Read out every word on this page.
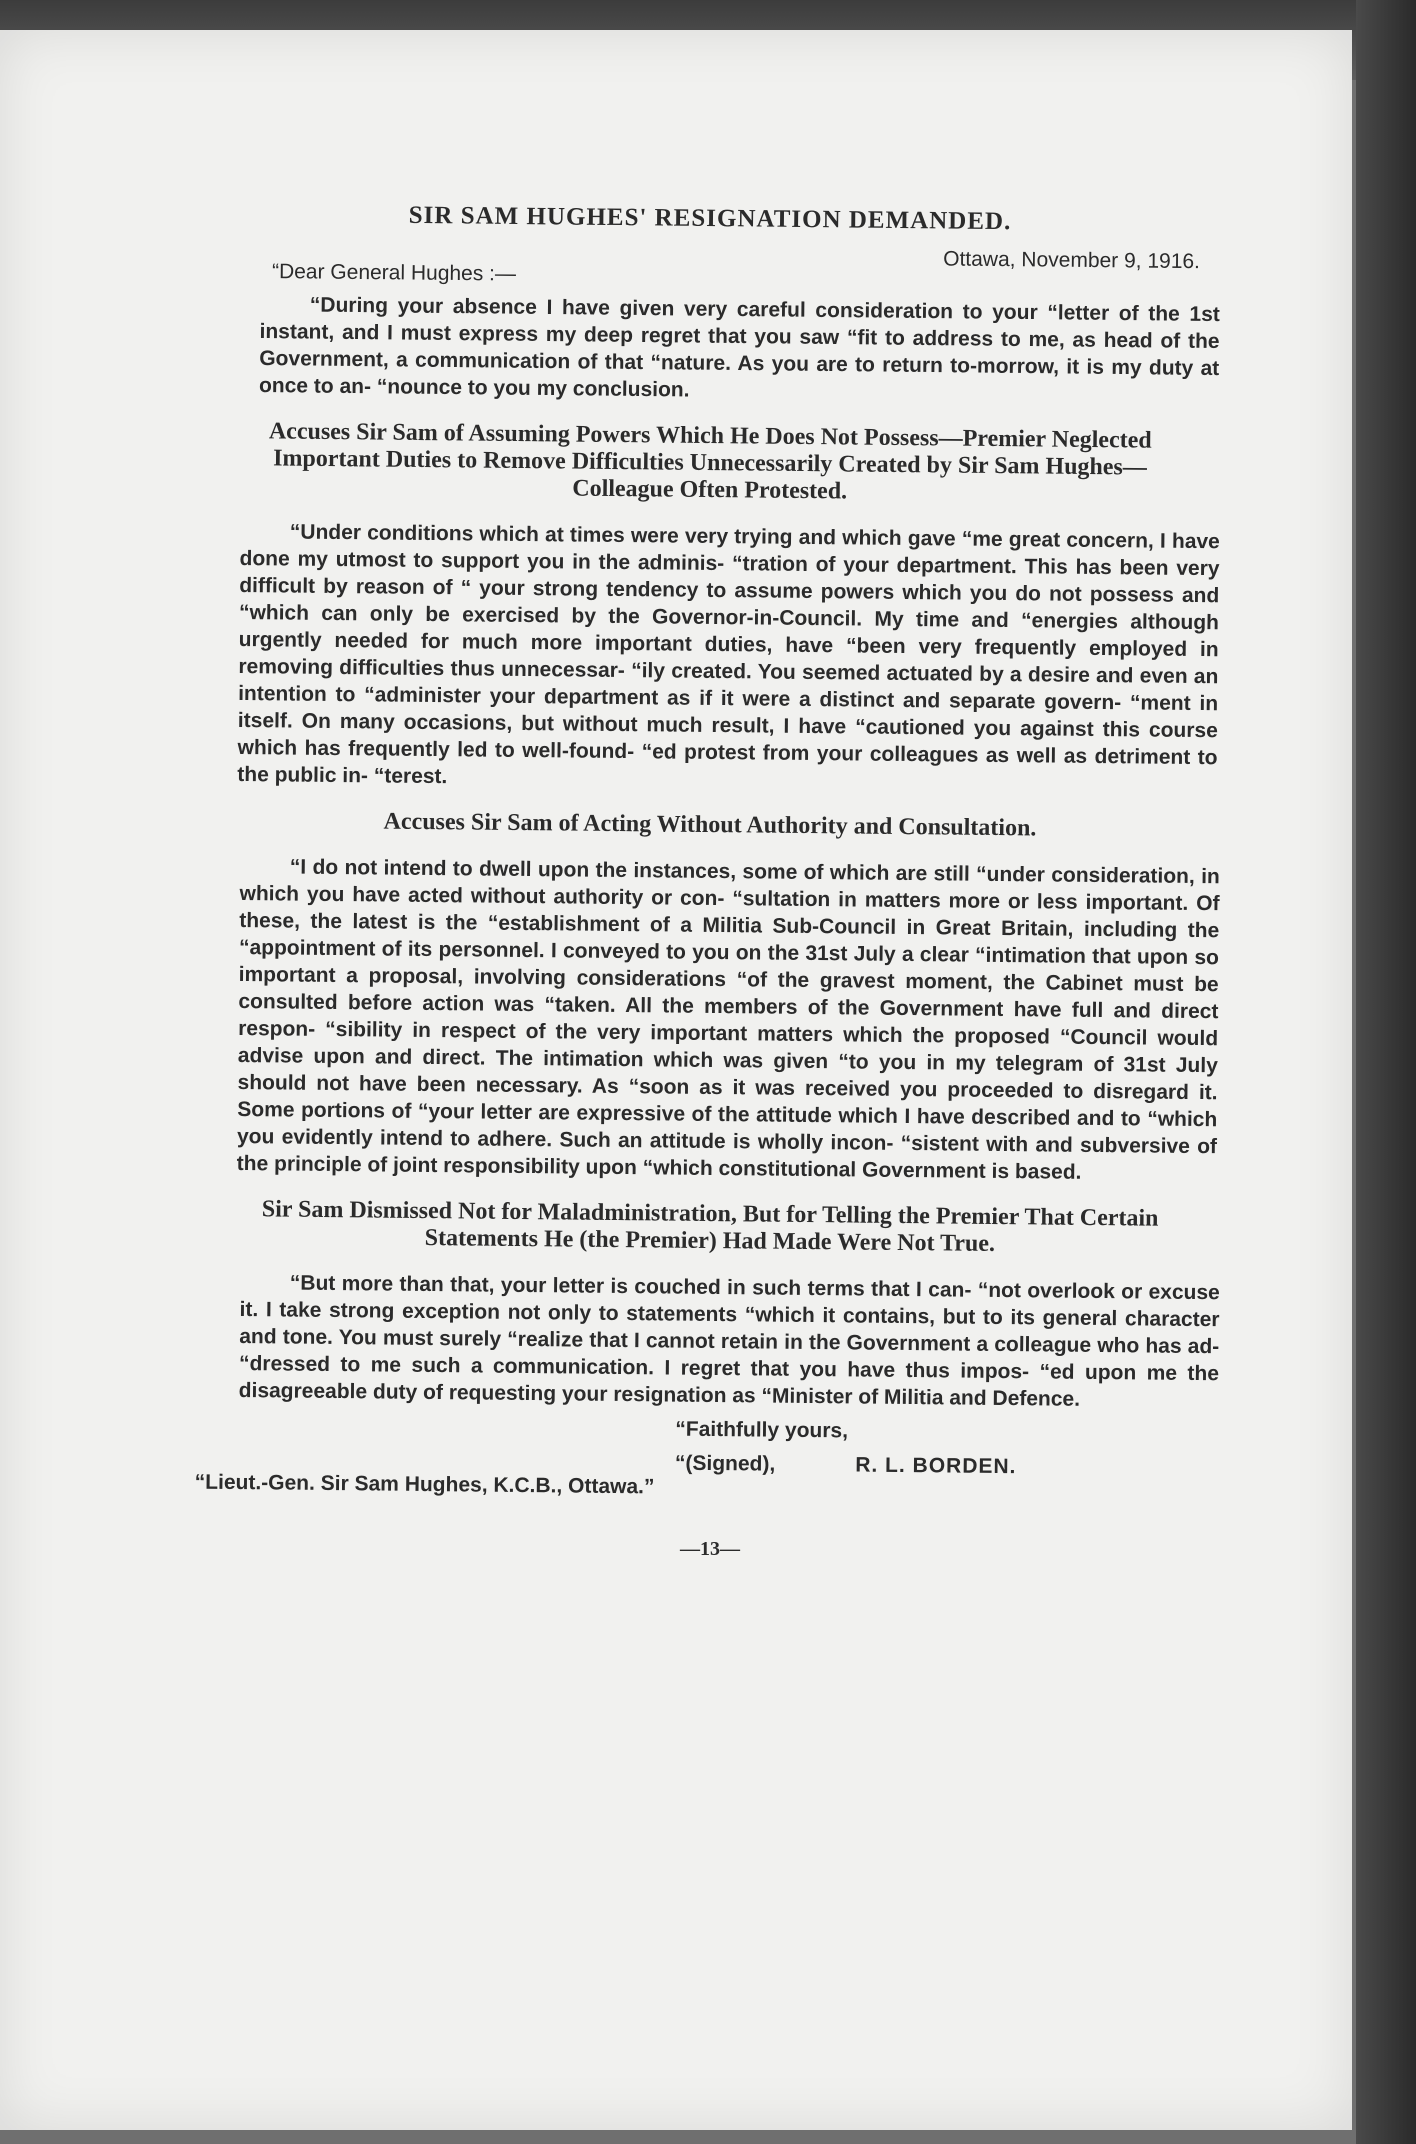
SIR SAM HUGHES' RESIGNATION DEMANDED.

Ottawa, November 9, 1916.

“Dear General Hughes :—

“During your absence I have given very careful consideration to your “letter of the 1st instant, and I must express my deep regret that you saw “fit to address to me, as head of the Government, a communication of that “nature. As you are to return to-morrow, it is my duty at once to an- “nounce to you my conclusion.

Accuses Sir Sam of Assuming Powers Which He Does Not Possess—Premier Neglected Important Duties to Remove Difficulties Unnecessarily Created by Sir Sam Hughes—Colleague Often Protested.

“Under conditions which at times were very trying and which gave “me great concern, I have done my utmost to support you in the adminis- “tration of your department. This has been very difficult by reason of “ your strong tendency to assume powers which you do not possess and “which can only be exercised by the Governor-in-Council. My time and “energies although urgently needed for much more important duties, have “been very frequently employed in removing difficulties thus unnecessar- “ily created. You seemed actuated by a desire and even an intention to “administer your department as if it were a distinct and separate govern- “ment in itself. On many occasions, but without much result, I have “cautioned you against this course which has frequently led to well-found- “ed protest from your colleagues as well as detriment to the public in- “terest.

Accuses Sir Sam of Acting Without Authority and Consultation.

“I do not intend to dwell upon the instances, some of which are still “under consideration, in which you have acted without authority or con- “sultation in matters more or less important. Of these, the latest is the “establishment of a Militia Sub-Council in Great Britain, including the “appointment of its personnel. I conveyed to you on the 31st July a clear “intimation that upon so important a proposal, involving considerations “of the gravest moment, the Cabinet must be consulted before action was “taken. All the members of the Government have full and direct respon- “sibility in respect of the very important matters which the proposed “Council would advise upon and direct. The intimation which was given “to you in my telegram of 31st July should not have been necessary. As “soon as it was received you proceeded to disregard it. Some portions of “your letter are expressive of the attitude which I have described and to “which you evidently intend to adhere. Such an attitude is wholly incon- “sistent with and subversive of the principle of joint responsibility upon “which constitutional Government is based.

Sir Sam Dismissed Not for Maladministration, But for Telling the Premier That Certain Statements He (the Premier) Had Made Were Not True.

“But more than that, your letter is couched in such terms that I can- “not overlook or excuse it. I take strong exception not only to statements “which it contains, but to its general character and tone. You must surely “realize that I cannot retain in the Government a colleague who has ad- “dressed to me such a communication. I regret that you have thus impos- “ed upon me the disagreeable duty of requesting your resignation as “Minister of Militia and Defence.

“Faithfully yours,
“(Signed),	R. L. BORDEN.
“Lieut.-Gen. Sir Sam Hughes, K.C.B., Ottawa.”
—13—
